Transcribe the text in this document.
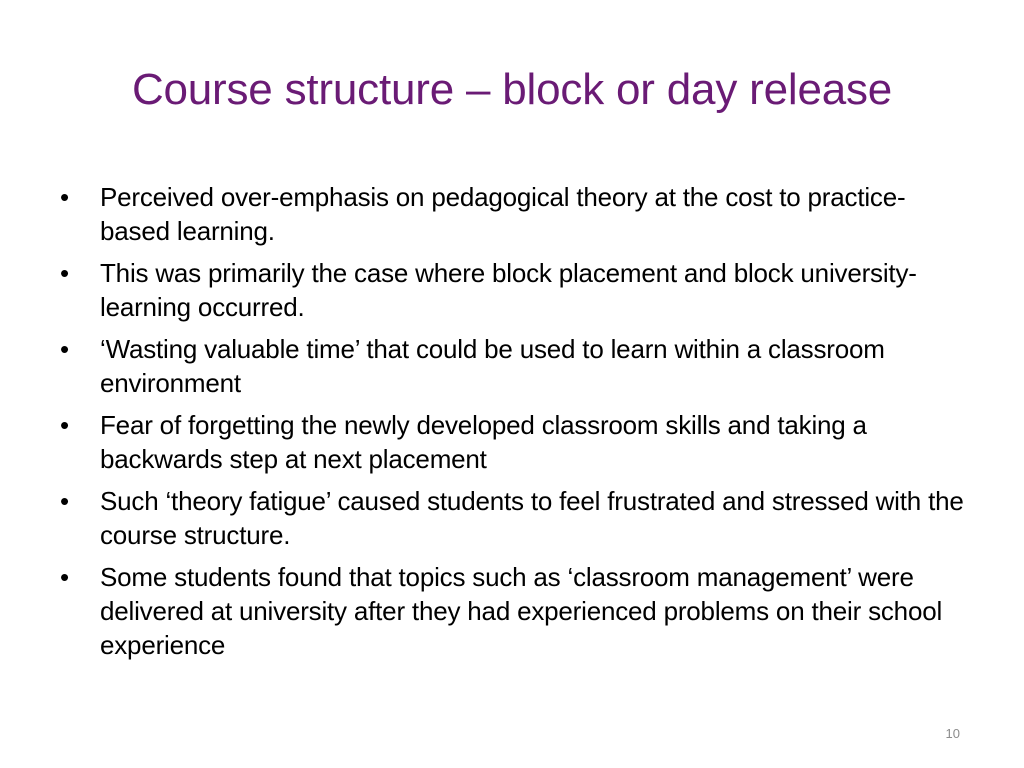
Course structure – block or day release
•	Perceived over-emphasis on pedagogical theory at the cost to practice-based learning.
•	This was primarily the case where block placement and block university-learning occurred.
•	‘Wasting valuable time’ that could be used to learn within a classroom environment
•	Fear of forgetting the newly developed classroom skills and taking a backwards step at next placement
•	Such ‘theory fatigue’ caused students to feel frustrated and stressed with the course structure.
•	Some students found that topics such as ‘classroom management’ were delivered at university after they had experienced problems on their school experience
10
